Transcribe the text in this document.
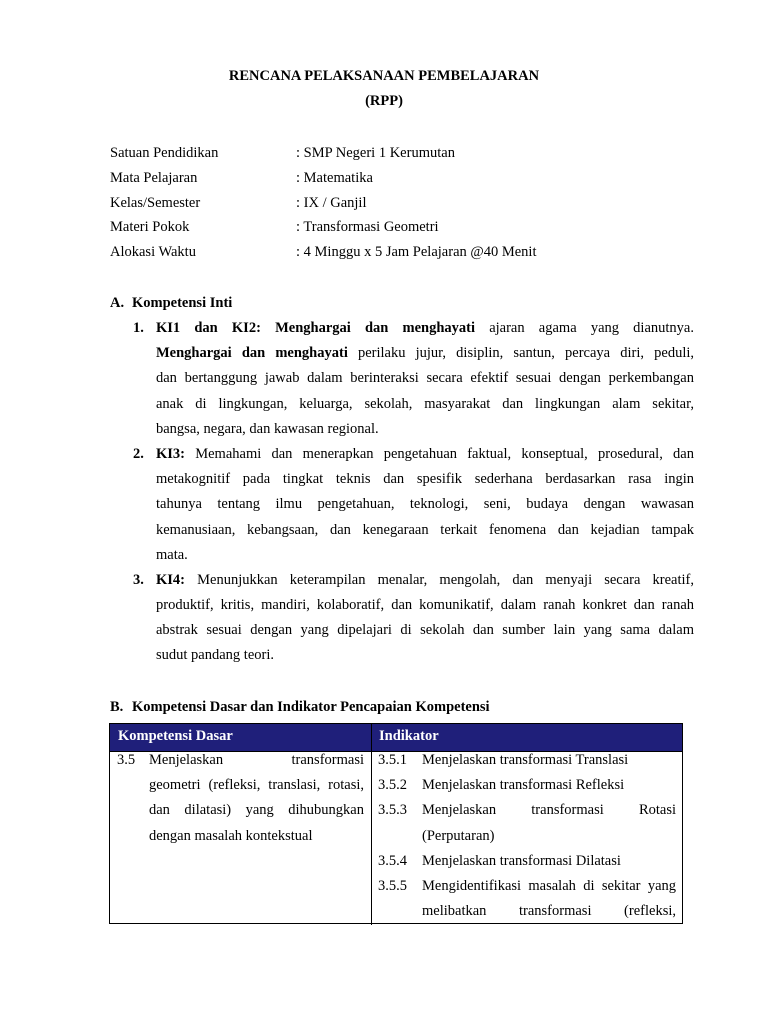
RENCANA PELAKSANAAN PEMBELAJARAN
(RPP)
Satuan Pendidikan	: SMP Negeri 1 Kerumutan
Mata Pelajaran	: Matematika
Kelas/Semester	: IX / Ganjil
Materi Pokok	: Transformasi Geometri
Alokasi Waktu	: 4 Minggu x 5 Jam Pelajaran @40 Menit
A. Kompetensi Inti
1. KI1 dan KI2: Menghargai dan menghayati ajaran agama yang dianutnya.
Menghargai dan menghayati perilaku jujur, disiplin, santun, percaya diri, peduli,
dan bertanggung jawab dalam berinteraksi secara efektif sesuai dengan perkembangan
anak di lingkungan, keluarga, sekolah, masyarakat dan lingkungan alam sekitar,
bangsa, negara, dan kawasan regional.
2. KI3: Memahami dan menerapkan pengetahuan faktual, konseptual, prosedural, dan
metakognitif pada tingkat teknis dan spesifik sederhana berdasarkan rasa ingin
tahunya tentang ilmu pengetahuan, teknologi, seni, budaya dengan wawasan
kemanusiaan, kebangsaan, dan kenegaraan terkait fenomena dan kejadian tampak
mata.
3. KI4: Menunjukkan keterampilan menalar, mengolah, dan menyaji secara kreatif,
produktif, kritis, mandiri, kolaboratif, dan komunikatif, dalam ranah konkret dan ranah
abstrak sesuai dengan yang dipelajari di sekolah dan sumber lain yang sama dalam
sudut pandang teori.
B. Kompetensi Dasar dan Indikator Pencapaian Kompetensi
Kompetensi Dasar	Indikator
3.5 Menjelaskan transformasi
geometri (refleksi, translasi, rotasi,
dan dilatasi) yang dihubungkan
dengan masalah kontekstual
3.5.1	Menjelaskan transformasi Translasi
3.5.2	Menjelaskan transformasi Refleksi
3.5.3	Menjelaskan transformasi Rotasi
(Perputaran)
3.5.4	Menjelaskan transformasi Dilatasi
3.5.5	Mengidentifikasi masalah di sekitar yang
melibatkan transformasi (refleksi,
